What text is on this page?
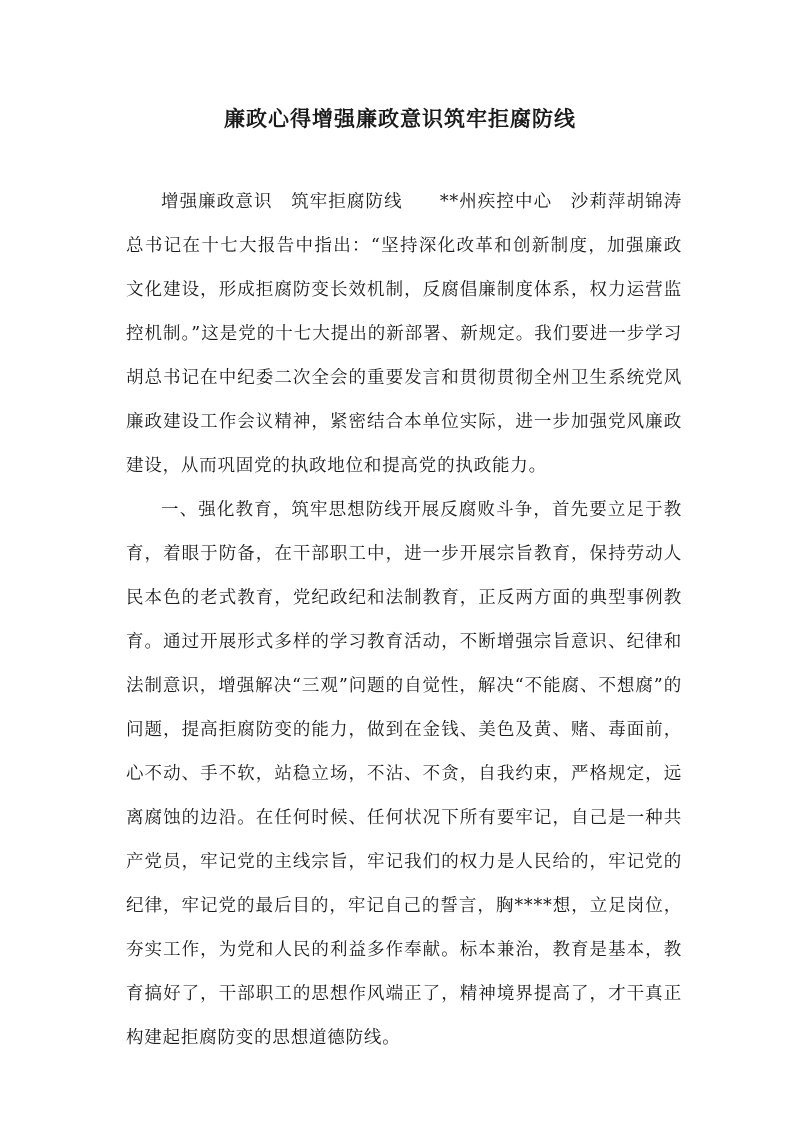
廉政心得增强廉政意识筑牢拒腐防线

增强廉政意识　筑牢拒腐防线　　**州疾控中心　沙莉萍胡锦涛总书记在十七大报告中指出：“坚持深化改革和创新制度，加强廉政文化建设，形成拒腐防变长效机制，反腐倡廉制度体系，权力运营监控机制。”这是党的十七大提出的新部署、新规定。我们要进一步学习胡总书记在中纪委二次全会的重要发言和贯彻贯彻全州卫生系统党风廉政建设工作会议精神，紧密结合本单位实际，进一步加强党风廉政建设，从而巩固党的执政地位和提高党的执政能力。

一、强化教育，筑牢思想防线开展反腐败斗争，首先要立足于教育，着眼于防备，在干部职工中，进一步开展宗旨教育，保持劳动人民本色的老式教育，党纪政纪和法制教育，正反两方面的典型事例教育。通过开展形式多样的学习教育活动，不断增强宗旨意识、纪律和法制意识，增强解决“三观”问题的自觉性，解决“不能腐、不想腐”的问题，提高拒腐防变的能力，做到在金钱、美色及黄、赌、毒面前，心不动、手不软，站稳立场，不沾、不贪，自我约束，严格规定，远离腐蚀的边沿。在任何时候、任何状况下所有要牢记，自己是一种共产党员，牢记党的主线宗旨，牢记我们的权力是人民给的，牢记党的纪律，牢记党的最后目的，牢记自己的誓言，胸****想，立足岗位，夯实工作，为党和人民的利益多作奉献。标本兼治，教育是基本，教育搞好了，干部职工的思想作风端正了，精神境界提高了，才干真正构建起拒腐防变的思想道德防线。
